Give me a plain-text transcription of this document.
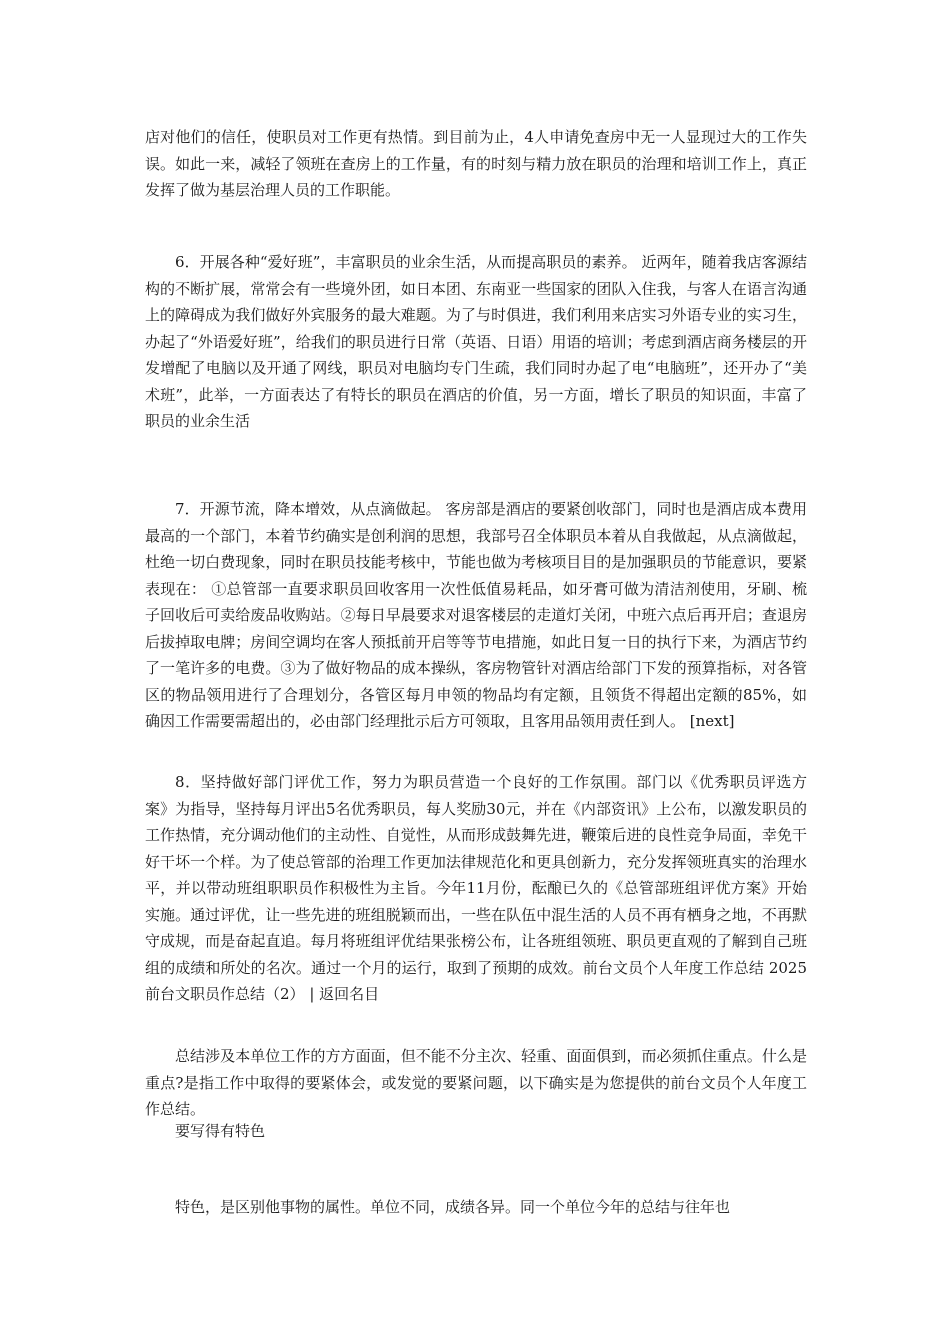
店对他们的信任，使职员对工作更有热情。到目前为止，4人申请免查房中无一人显现过大的工作失误。如此一来，减轻了领班在查房上的工作量，有的时刻与精力放在职员的治理和培训工作上，真正发挥了做为基层治理人员的工作职能。

6．开展各种“爱好班”，丰富职员的业余生活，从而提高职员的素养。 近两年，随着我店客源结构的不断扩展，常常会有一些境外团，如日本团、东南亚一些国家的团队入住我，与客人在语言沟通上的障碍成为我们做好外宾服务的最大难题。为了与时俱进，我们利用来店实习外语专业的实习生，办起了“外语爱好班”，给我们的职员进行日常（英语、日语）用语的培训；考虑到酒店商务楼层的开发增配了电脑以及开通了网线，职员对电脑均专门生疏，我们同时办起了电“电脑班”，还开办了“美术班”，此举，一方面表达了有特长的职员在酒店的价值，另一方面，增长了职员的知识面，丰富了职员的业余生活

7．开源节流，降本增效，从点滴做起。 客房部是酒店的要紧创收部门，同时也是酒店成本费用最高的一个部门，本着节约确实是创利润的思想，我部号召全体职员本着从自我做起，从点滴做起，杜绝一切白费现象，同时在职员技能考核中，节能也做为考核项目目的是加强职员的节能意识，要紧表现在： ①总管部一直要求职员回收客用一次性低值易耗品，如牙膏可做为清洁剂使用，牙刷、梳子回收后可卖给废品收购站。②每日早晨要求对退客楼层的走道灯关闭，中班六点后再开启；查退房后拔掉取电牌；房间空调均在客人预抵前开启等等节电措施，如此日复一日的执行下来，为酒店节约了一笔许多的电费。③为了做好物品的成本操纵，客房物管针对酒店给部门下发的预算指标，对各管区的物品领用进行了合理划分，各管区每月申领的物品均有定额，且领货不得超出定额的85%，如确因工作需要需超出的，必由部门经理批示后方可领取，且客用品领用责任到人。 [next]

8．坚持做好部门评优工作，努力为职员营造一个良好的工作氛围。部门以《优秀职员评选方案》为指导，坚持每月评出5名优秀职员，每人奖励30元，并在《内部资讯》上公布，以激发职员的工作热情，充分调动他们的主动性、自觉性，从而形成鼓舞先进，鞭策后进的良性竞争局面，幸免干好干坏一个样。为了使总管部的治理工作更加法律规范化和更具创新力，充分发挥领班真实的治理水平，并以带动班组职职员作积极性为主旨。今年11月份，酝酿已久的《总管部班组评优方案》开始实施。通过评优，让一些先进的班组脱颖而出，一些在队伍中混生活的人员不再有栖身之地，不再默守成规，而是奋起直追。每月将班组评优结果张榜公布，让各班组领班、职员更直观的了解到自己班组的成绩和所处的名次。通过一个月的运行，取到了预期的成效。前台文员个人年度工作总结 2025前台文职员作总结（2） | 返回名目

总结涉及本单位工作的方方面面，但不能不分主次、轻重、面面俱到，而必须抓住重点。什么是重点?是指工作中取得的要紧体会，或发觉的要紧问题，以下确实是为您提供的前台文员个人年度工作总结。

要写得有特色

特色，是区别他事物的属性。单位不同，成绩各异。同一个单位今年的总结与往年也
